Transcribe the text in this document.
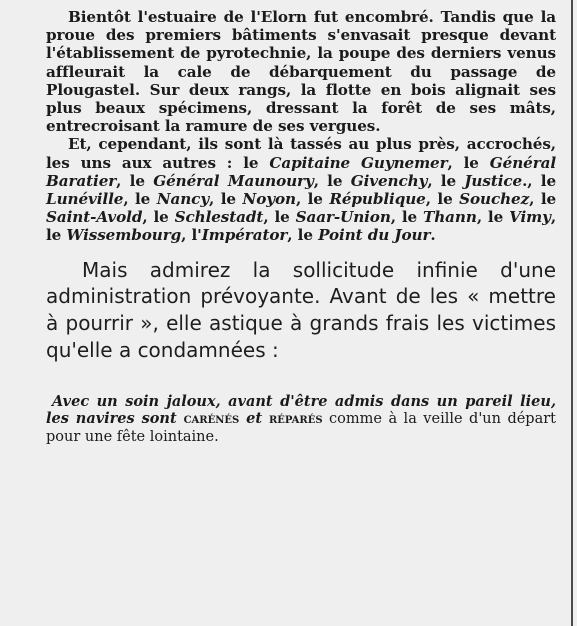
Bientôt l'estuaire de l'Elorn fut encombré. Tandis que la proue des premiers bâtiments s'envasait presque devant l'établissement de pyrotechnie, la poupe des derniers venus affleurait la cale de débarquement du passage de Plougastel. Sur deux rangs, la flotte en bois alignait ses plus beaux spécimens, dressant la forêt de ses mâts, entrecroisant la ramure de ses vergues.

Et, cependant, ils sont là tassés au plus près, accrochés, les uns aux autres : le Capitaine Guynemer, le Général Baratier, le Général Maunoury, le Givenchy, le Justice., le Lunéville, le Nancy, le Noyon, le République, le Souchez, le Saint-Avold, le Schlestadt, le Saar-Union, le Thann, le Vimy, le Wissembourg, l'Impérator, le Point du Jour.

Mais admirez la sollicitude infinie d'une administration prévoyante. Avant de les « mettre à pourrir », elle astique à grands frais les victimes qu'elle a condamnées :

Avec un soin jaloux, avant d'être admis dans un pareil lieu, les navires sont carénés et réparés comme à la veille d'un départ pour une fête lointaine.
